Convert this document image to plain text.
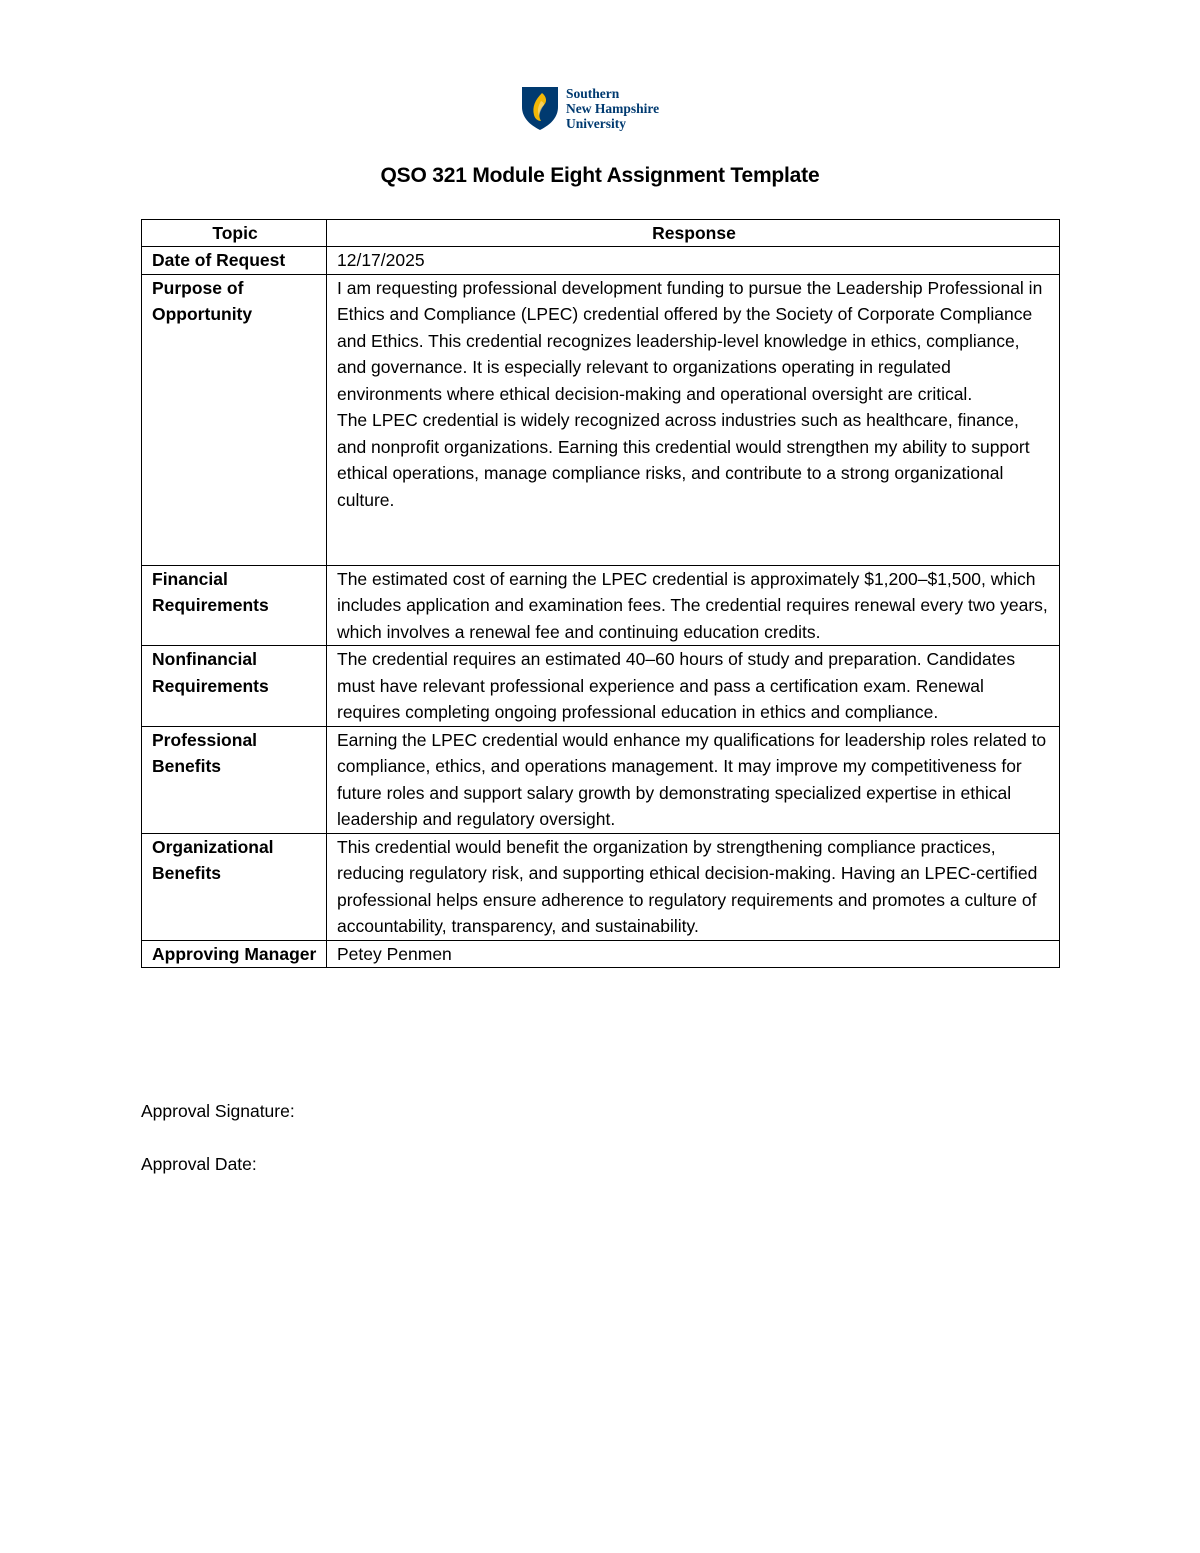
Southern
New Hampshire
University
QSO 321 Module Eight Assignment Template
Topic	Response
Date of Request	12/17/2025

Purpose of Opportunity	I am requesting professional development funding to pursue the Leadership Professional in Ethics and Compliance (LPEC) credential offered by the Society of Corporate Compliance and Ethics. This credential recognizes leadership-level knowledge in ethics, compliance, and governance. It is especially relevant to organizations operating in regulated environments where ethical decision-making and operational oversight are critical.

The LPEC credential is widely recognized across industries such as healthcare, finance, and nonprofit organizations. Earning this credential would strengthen my ability to support ethical operations, manage compliance risks, and contribute to a strong organizational culture.

Financial Requirements	The estimated cost of earning the LPEC credential is approximately $1,200–$1,500, which includes application and examination fees. The credential requires renewal every two years, which involves a renewal fee and continuing education credits.

Nonfinancial Requirements	The credential requires an estimated 40–60 hours of study and preparation. Candidates must have relevant professional experience and pass a certification exam. Renewal requires completing ongoing professional education in ethics and compliance.

Professional Benefits	Earning the LPEC credential would enhance my qualifications for leadership roles related to compliance, ethics, and operations management. It may improve my competitiveness for future roles and support salary growth by demonstrating specialized expertise in ethical leadership and regulatory oversight.

Organizational Benefits	This credential would benefit the organization by strengthening compliance practices, reducing regulatory risk, and supporting ethical decision-making. Having an LPEC-certified professional helps ensure adherence to regulatory requirements and promotes a culture of accountability, transparency, and sustainability.

Approving Manager	Petey Penmen

Approval Signature:
Approval Date:
